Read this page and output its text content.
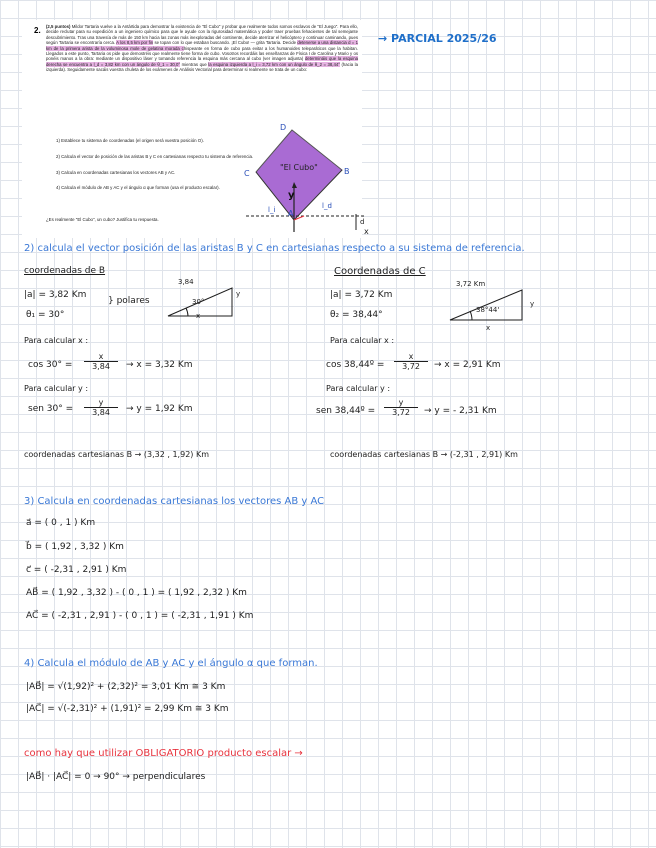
2. (2,5 puntos) Mildor Tartaria vuelve a la Antártida para demostrar la existencia de "El Cubo" y probar que realmente todos somos esclavos de "El Juego". Para ello, decide reclutar para su expedición a un ingeniero químico para que le ayude con la rigurosidad matemática y poder traer pruebas fehacientes de tal semejante descubrimiento. Tras una travesía de más de 150 km hacia las zonas más inexploradas del continente, decide aterrizar el helicóptero y continuar caminando, pues según Tartaria se encontraría cerca. A los 8,5 km por fin se topan con lo que estaban buscando. ¡El Cubo! — grita Tartaria. Decide detenerse a una distancia d = 1 km de la primera arista de la voluminosa mole de gelatina morada chispeante en forma de cubo para evitar a los humanoides teleparáticos que la habitan. Llegados a este punto, Tartaria os pide que demostréis que realmente tiene forma de cubo. Vosotros recordáis las enseñanzas de Física I de Carolina y Mario y os ponéis manos a la obra: mediante un dispositivo láser y tomando referencia la esquina más cercana al cubo (ver imagen adjunta) determináis que la esquina derecha se encuentra a l_d = 3,82 km con un ángulo de θ_1 = 30,0° mientras que la esquina izquierda a l_i = 3,72 km con un ángulo de θ_2 = 38,44° (hacia la izquierda). Seguidamente sacáis vuestra chuleta de los exámenes de Análisis Vectorial para determinar si realmente se trata de un cubo:
1) Establece tu sistema de coordenadas (el origen será vuestra posición O).
2) Calcula el vector de posición de las aristas B y C en cartesianas respecto tu sistema de referencia.
3) Calcula en coordenadas cartesianas los vectores AB y AC.
4) Calcula el módulo de AB y AC y el ángulo α que forman (usa el producto escalar).
¿Es realmente "El Cubo", un cubo? Justifica tu respuesta.
"El Cubo"
D
C	B
A
l_i	l_d
y
d
x
→ PARCIAL 2025/26
2) calcula el vector posición de las aristas B y C en cartesianas respecto a su sistema de referencia.
coordenadas de B
|a| = 3,82 Km
θ₁ = 30°
} polares
3,84
30°
y
x
Para calcular x :
$\cos 30^\circ = \frac{x}{3,84} \to x = 3,32$ Km
Para calcular y :
sen $30^\circ = \frac{y}{3,84} \to y = 1,92$ Km
coordenadas cartesianas B → (3,32 , 1,92) Km
Coordenadas de C
|a| = 3,72 Km
θ₂ = 38,44°
3,72 Km
38°44'
y
x
Para calcular x :
cos 38,44º = $\frac{x}{3,72} \to x = 2,91$ Km
Para calcular y :
sen 38,44º = $\frac{y}{3,72} \to y$ = - 2,31 Km
coordenadas cartesianas B → (-2,31 , 2,91) Km
3) Calcula en coordenadas cartesianas los vectores AB y AC
a⃗ = ( 0 , 1 ) Km
b⃗ = ( 1,92 , 3,32 ) Km
c⃗ = ( -2,31 , 2,91 ) Km
AB⃗ = ( 1,92 , 3,32 ) - ( 0 , 1 ) = ( 1,92 , 2,32 ) Km
AC⃗ = ( -2,31 , 2,91 ) - ( 0 , 1 ) = ( -2,31 , 1,91 ) Km
4) Calcula el módulo de AB y AC y el ángulo α que forman.
|AB⃗| = √(1,92)² + (2,32)² = 3,01 Km ≅ 3 Km
|AC⃗| = √(-2,31)² + (1,91)² = 2,99 Km ≅ 3 Km
como hay que utilizar OBLIGATORIO producto escalar →
|AB⃗| · |AC⃗| = 0 → 90° → perpendiculares
